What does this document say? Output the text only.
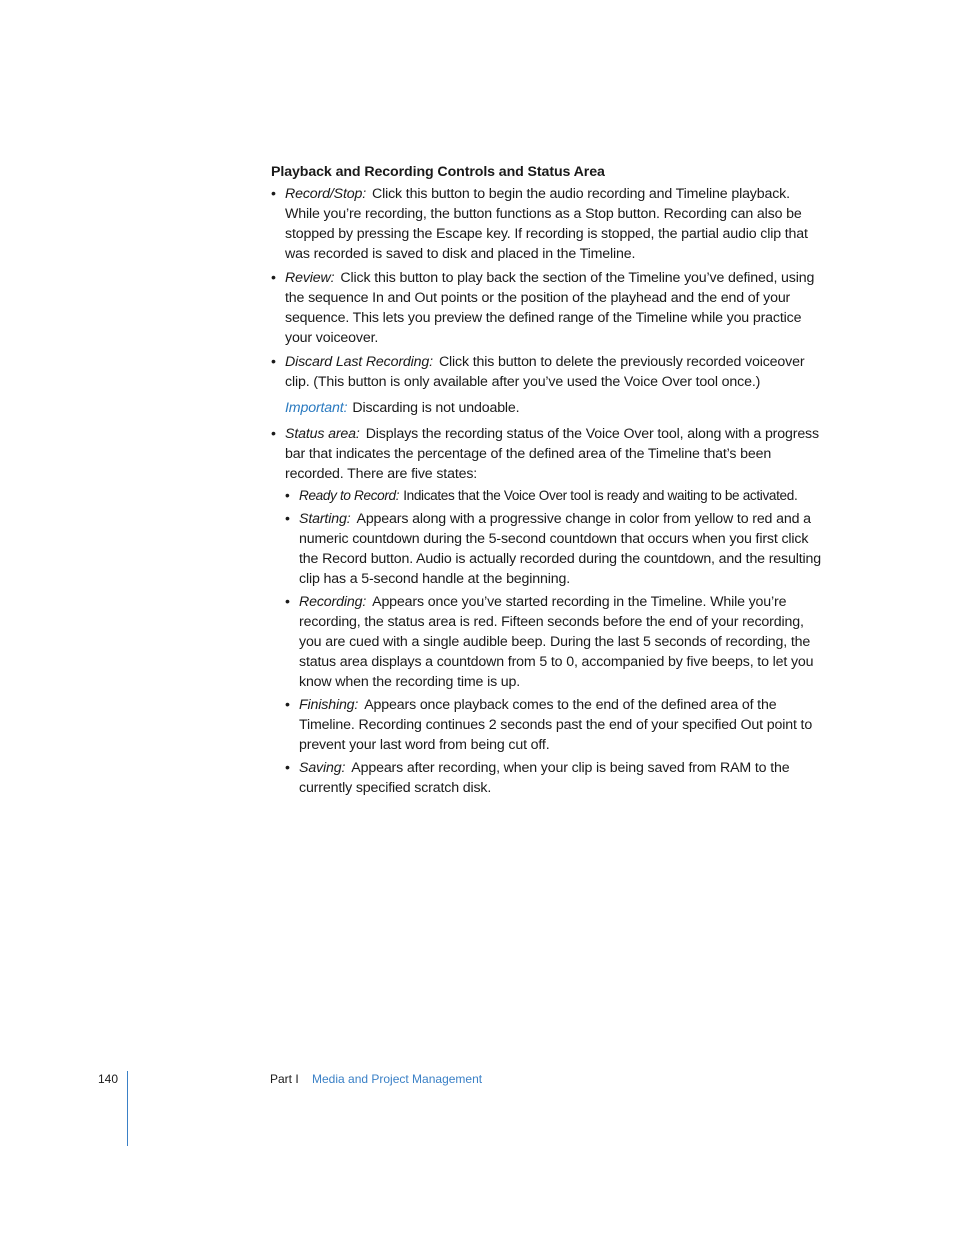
Playback and Recording Controls and Status Area
• Record/Stop: Click this button to begin the audio recording and Timeline playback. While you’re recording, the button functions as a Stop button. Recording can also be stopped by pressing the Escape key. If recording is stopped, the partial audio clip that was recorded is saved to disk and placed in the Timeline.
• Review: Click this button to play back the section of the Timeline you’ve defined, using the sequence In and Out points or the position of the playhead and the end of your sequence. This lets you preview the defined range of the Timeline while you practice your voiceover.
• Discard Last Recording: Click this button to delete the previously recorded voiceover clip. (This button is only available after you’ve used the Voice Over tool once.)
Important: Discarding is not undoable.
• Status area: Displays the recording status of the Voice Over tool, along with a progress bar that indicates the percentage of the defined area of the Timeline that’s been recorded. There are five states:
• Ready to Record: Indicates that the Voice Over tool is ready and waiting to be activated.
• Starting: Appears along with a progressive change in color from yellow to red and a numeric countdown during the 5-second countdown that occurs when you first click the Record button. Audio is actually recorded during the countdown, and the resulting clip has a 5-second handle at the beginning.
• Recording: Appears once you’ve started recording in the Timeline. While you’re recording, the status area is red. Fifteen seconds before the end of your recording, you are cued with a single audible beep. During the last 5 seconds of recording, the status area displays a countdown from 5 to 0, accompanied by five beeps, to let you know when the recording time is up.
• Finishing: Appears once playback comes to the end of the defined area of the Timeline. Recording continues 2 seconds past the end of your specified Out point to prevent your last word from being cut off.
• Saving: Appears after recording, when your clip is being saved from RAM to the currently specified scratch disk.
140	Part I Media and Project Management
